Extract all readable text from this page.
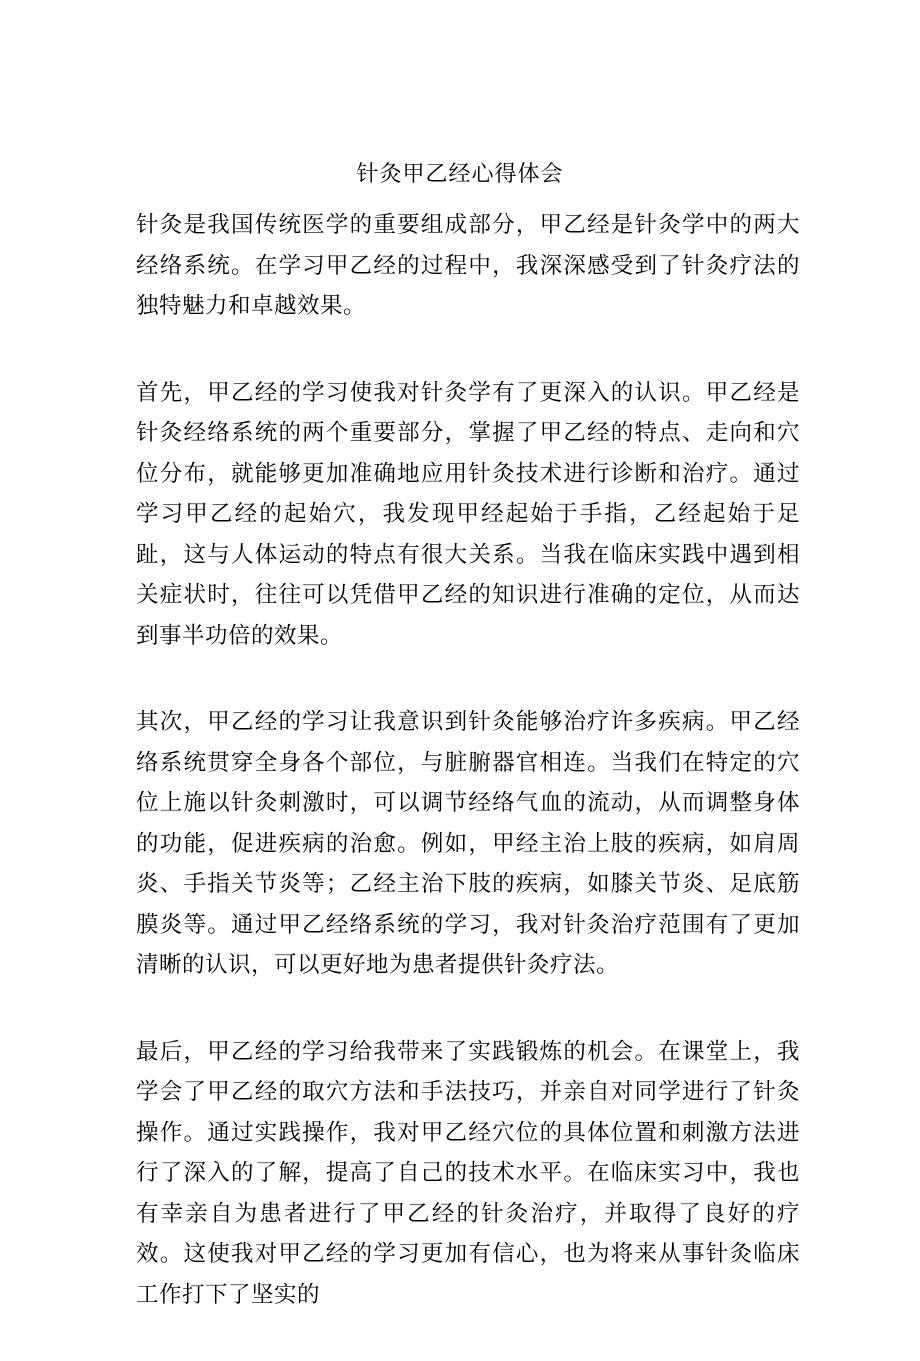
针灸甲乙经心得体会

针灸是我国传统医学的重要组成部分，甲乙经是针灸学中的两大经络系统。在学习甲乙经的过程中，我深深感受到了针灸疗法的独特魅力和卓越效果。

首先，甲乙经的学习使我对针灸学有了更深入的认识。甲乙经是针灸经络系统的两个重要部分，掌握了甲乙经的特点、走向和穴位分布，就能够更加准确地应用针灸技术进行诊断和治疗。通过学习甲乙经的起始穴，我发现甲经起始于手指，乙经起始于足趾，这与人体运动的特点有很大关系。当我在临床实践中遇到相关症状时，往往可以凭借甲乙经的知识进行准确的定位，从而达到事半功倍的效果。

其次，甲乙经的学习让我意识到针灸能够治疗许多疾病。甲乙经络系统贯穿全身各个部位，与脏腑器官相连。当我们在特定的穴位上施以针灸刺激时，可以调节经络气血的流动，从而调整身体的功能，促进疾病的治愈。例如，甲经主治上肢的疾病，如肩周炎、手指关节炎等；乙经主治下肢的疾病，如膝关节炎、足底筋膜炎等。通过甲乙经络系统的学习，我对针灸治疗范围有了更加清晰的认识，可以更好地为患者提供针灸疗法。

最后，甲乙经的学习给我带来了实践锻炼的机会。在课堂上，我学会了甲乙经的取穴方法和手法技巧，并亲自对同学进行了针灸操作。通过实践操作，我对甲乙经穴位的具体位置和刺激方法进行了深入的了解，提高了自己的技术水平。在临床实习中，我也有幸亲自为患者进行了甲乙经的针灸治疗，并取得了良好的疗效。这使我对甲乙经的学习更加有信心，也为将来从事针灸临床工作打下了坚实的
